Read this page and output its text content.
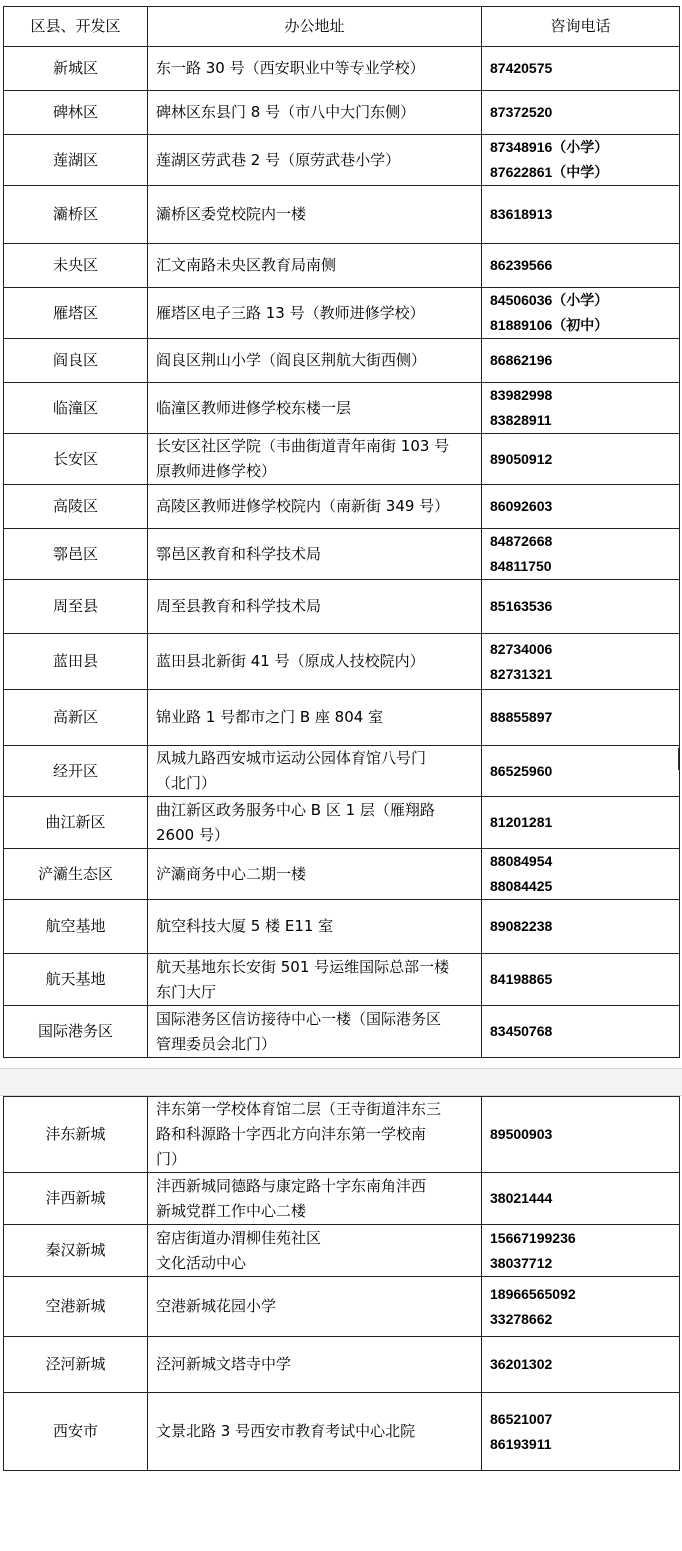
区县、开发区	办公地址	咨询电话
新城区	东一路 30 号（西安职业中等专业学校）	87420575
碑林区	碑林区东县门 8 号（市八中大门东侧）	87372520
莲湖区	莲湖区劳武巷 2 号（原劳武巷小学）	87348916（小学）
87622861（中学）
灞桥区	灞桥区委党校院内一楼	83618913
未央区	汇文南路未央区教育局南侧	86239566
雁塔区	雁塔区电子三路 13 号（教师进修学校）	84506036（小学）
81889106（初中）
阎良区	阎良区荆山小学（阎良区荆航大街西侧）	86862196
临潼区	临潼区教师进修学校东楼一层	83982998
83828911
长安区	长安区社区学院（韦曲街道青年南街 103 号
原教师进修学校）	89050912
高陵区	高陵区教师进修学校院内（南新街 349 号）	86092603
鄠邑区	鄠邑区教育和科学技术局	84872668
84811750
周至县	周至县教育和科学技术局	85163536
蓝田县	蓝田县北新街 41 号（原成人技校院内）	82734006
82731321
高新区	锦业路 1 号都市之门 B 座 804 室	88855897
经开区	凤城九路西安城市运动公园体育馆八号门
（北门）	86525960
曲江新区	曲江新区政务服务中心 B 区 1 层（雁翔路
2600 号）	81201281
浐灞生态区	浐灞商务中心二期一楼	88084954
88084425
航空基地	航空科技大厦 5 楼 E11 室	89082238
航天基地	航天基地东长安街 501 号运维国际总部一楼
东门大厅	84198865
国际港务区	国际港务区信访接待中心一楼（国际港务区
管理委员会北门）	83450768
沣东新城	沣东第一学校体育馆二层（王寺街道沣东三
路和科源路十字西北方向沣东第一学校南
门）	89500903
沣西新城	沣西新城同德路与康定路十字东南角沣西
新城党群工作中心二楼	38021444
秦汉新城	窑店街道办渭柳佳苑社区
文化活动中心	15667199236
38037712
空港新城	空港新城花园小学	18966565092
33278662
泾河新城	泾河新城文塔寺中学	36201302
西安市	文景北路 3 号西安市教育考试中心北院	86521007
86193911
